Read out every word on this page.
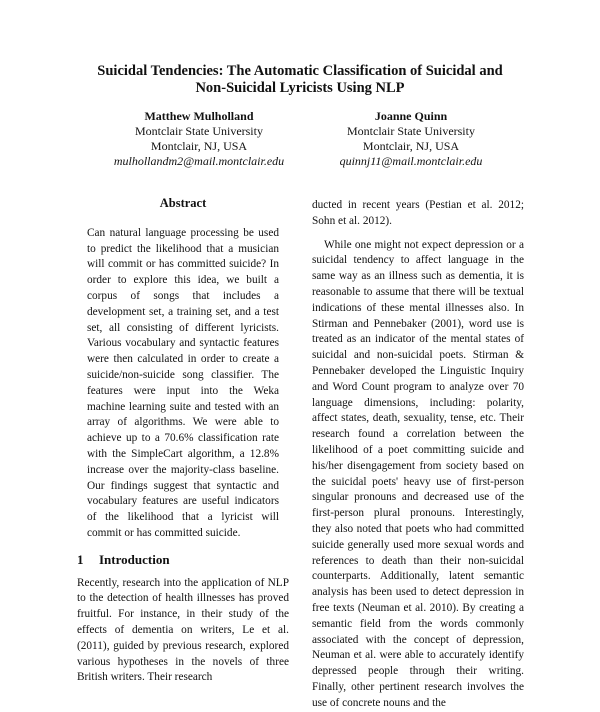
Suicidal Tendencies: The Automatic Classification of Suicidal and
Non-Suicidal Lyricists Using NLP
Matthew Mulholland
Montclair State University
Montclair, NJ, USA
mulhollandm2@mail.montclair.edu
Joanne Quinn
Montclair State University
Montclair, NJ, USA
quinnj11@mail.montclair.edu
Abstract

Can natural language processing be used to predict the likelihood that a musician will commit or has committed suicide? In order to explore this idea, we built a corpus of songs that includes a development set, a training set, and a test set, all consisting of different lyricists. Various vocabulary and syntactic features were then calculated in order to create a suicide/non-suicide song classifier. The features were input into the Weka machine learning suite and tested with an array of algorithms. We were able to achieve up to a 70.6% classification rate with the SimpleCart algorithm, a 12.8% increase over the majority-class baseline. Our findings suggest that syntactic and vocabulary features are useful indicators of the likelihood that a lyricist will commit or has committed suicide.

1 Introduction

Recently, research into the application of NLP to the detection of health illnesses has proved fruitful. For instance, in their study of the effects of dementia on writers, Le et al. (2011), guided by previous research, explored various hypotheses in the novels of three British writers. Their research

ducted in recent years (Pestian et al. 2012; Sohn et al. 2012).

While one might not expect depression or a suicidal tendency to affect language in the same way as an illness such as dementia, it is reasonable to assume that there will be textual indications of these mental illnesses also. In Stirman and Pennebaker (2001), word use is treated as an indicator of the mental states of suicidal and non-suicidal poets. Stirman & Pennebaker developed the Linguistic Inquiry and Word Count program to analyze over 70 language dimensions, including: polarity, affect states, death, sexuality, tense, etc. Their research found a correlation between the likelihood of a poet committing suicide and his/her disengagement from society based on the suicidal poets' heavy use of first-person singular pronouns and decreased use of the first-person plural pronouns. Interestingly, they also noted that poets who had committed suicide generally used more sexual words and references to death than their non-suicidal counterparts. Additionally, latent semantic analysis has been used to detect depression in free texts (Neuman et al. 2010). By creating a semantic field from the words commonly associated with the concept of depression, Neuman et al. were able to accurately identify depressed people through their writing. Finally, other pertinent research involves the use of concrete nouns and the
